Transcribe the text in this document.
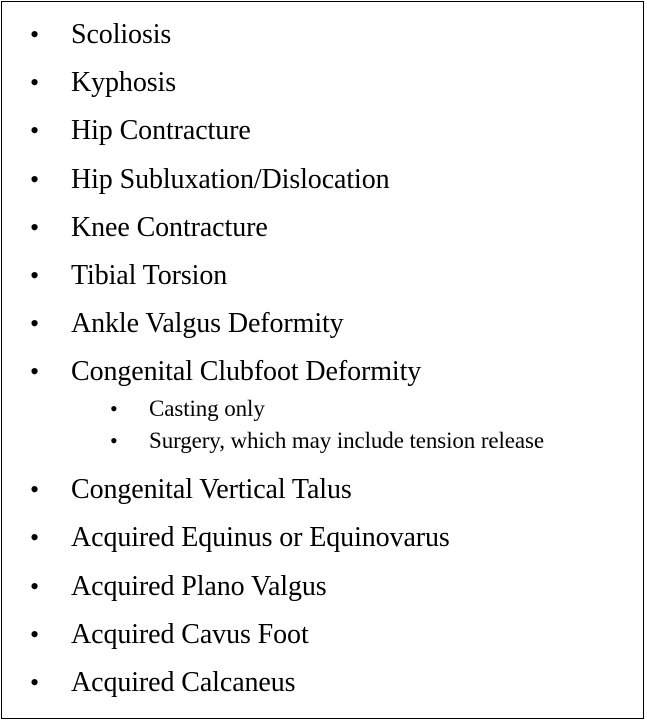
•	Scoliosis
•	Kyphosis
•	Hip Contracture
•	Hip Subluxation/Dislocation
•	Knee Contracture
•	Tibial Torsion
•	Ankle Valgus Deformity
•	Congenital Clubfoot Deformity
•	Casting only
•	Surgery, which may include tension release
•	Congenital Vertical Talus
•	Acquired Equinus or Equinovarus
•	Acquired Plano Valgus
•	Acquired Cavus Foot
•	Acquired Calcaneus
